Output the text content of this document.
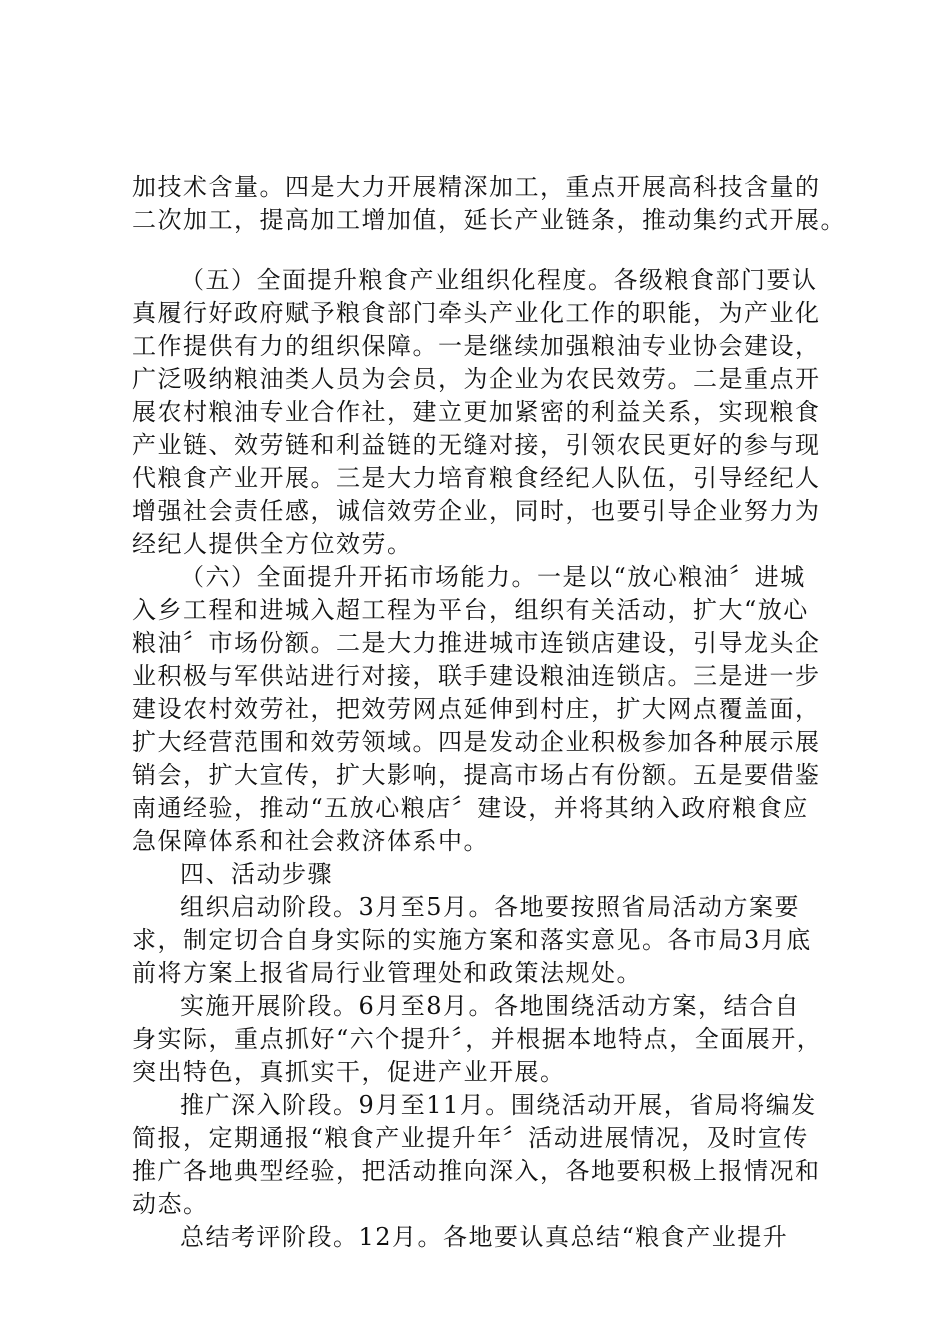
加技术含量。四是大力开展精深加工，重点开展高科技含量的
二次加工，提高加工增加值，延长产业链条，推动集约式开展。
（五）全面提升粮食产业组织化程度。各级粮食部门要认
真履行好政府赋予粮食部门牵头产业化工作的职能，为产业化
工作提供有力的组织保障。一是继续加强粮油专业协会建设，
广泛吸纳粮油类人员为会员，为企业为农民效劳。二是重点开
展农村粮油专业合作社，建立更加紧密的利益关系，实现粮食
产业链、效劳链和利益链的无缝对接，引领农民更好的参与现
代粮食产业开展。三是大力培育粮食经纪人队伍，引导经纪人
增强社会责任感，诚信效劳企业，同时，也要引导企业努力为
经纪人提供全方位效劳。
（六）全面提升开拓市场能力。一是以“放心粮油〞进城
入乡工程和进城入超工程为平台，组织有关活动，扩大“放心
粮油〞市场份额。二是大力推进城市连锁店建设，引导龙头企
业积极与军供站进行对接，联手建设粮油连锁店。三是进一步
建设农村效劳社，把效劳网点延伸到村庄，扩大网点覆盖面，
扩大经营范围和效劳领域。四是发动企业积极参加各种展示展
销会，扩大宣传，扩大影响，提高市场占有份额。五是要借鉴
南通经验，推动“五放心粮店〞建设，并将其纳入政府粮食应
急保障体系和社会救济体系中。
四、活动步骤
组织启动阶段。3月至5月。各地要按照省局活动方案要
求，制定切合自身实际的实施方案和落实意见。各市局3月底
前将方案上报省局行业管理处和政策法规处。
实施开展阶段。6月至8月。各地围绕活动方案，结合自
身实际，重点抓好“六个提升〞，并根据本地特点，全面展开，
突出特色，真抓实干，促进产业开展。
推广深入阶段。9月至11月。围绕活动开展，省局将编发
简报，定期通报“粮食产业提升年〞活动进展情况，及时宣传
推广各地典型经验，把活动推向深入，各地要积极上报情况和
动态。
总结考评阶段。12月。各地要认真总结“粮食产业提升
